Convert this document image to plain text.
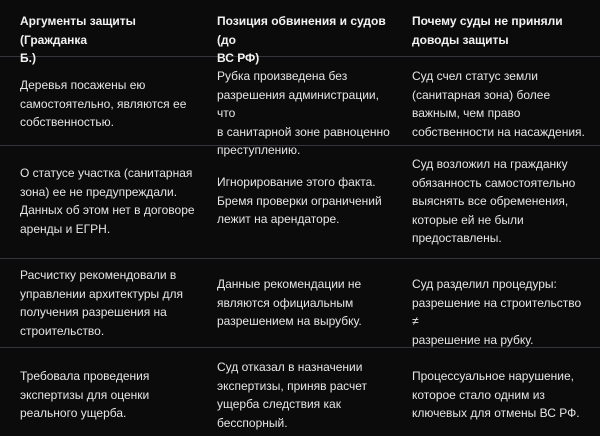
Аргументы защиты (Гражданка
Б.)
Позиция обвинения и судов (до
ВС РФ)
Почему суды не приняли
доводы защиты
Деревья посажены ею
самостоятельно, являются ее
собственностью.
Рубка произведена без
разрешения администрации, что
в санитарной зоне равноценно
преступлению.
Суд счел статус земли
(санитарная зона) более
важным, чем право
собственности на насаждения.
О статусе участка (санитарная
зона) ее не предупреждали.
Данных об этом нет в договоре
аренды и ЕГРН.
Игнорирование этого факта.
Бремя проверки ограничений
лежит на арендаторе.
Суд возложил на гражданку
обязанность самостоятельно
выяснять все обременения,
которые ей не были
предоставлены.
Расчистку рекомендовали в
управлении архитектуры для
получения разрешения на
строительство.
Данные рекомендации не
являются официальным
разрешением на вырубку.
Суд разделил процедуры:
разрешение на строительство ≠
разрешение на рубку.
Требовала проведения
экспертизы для оценки
реального ущерба.
Суд отказал в назначении
экспертизы, приняв расчет
ущерба следствия как
бесспорный.
Процессуальное нарушение,
которое стало одним из
ключевых для отмены ВС РФ.
